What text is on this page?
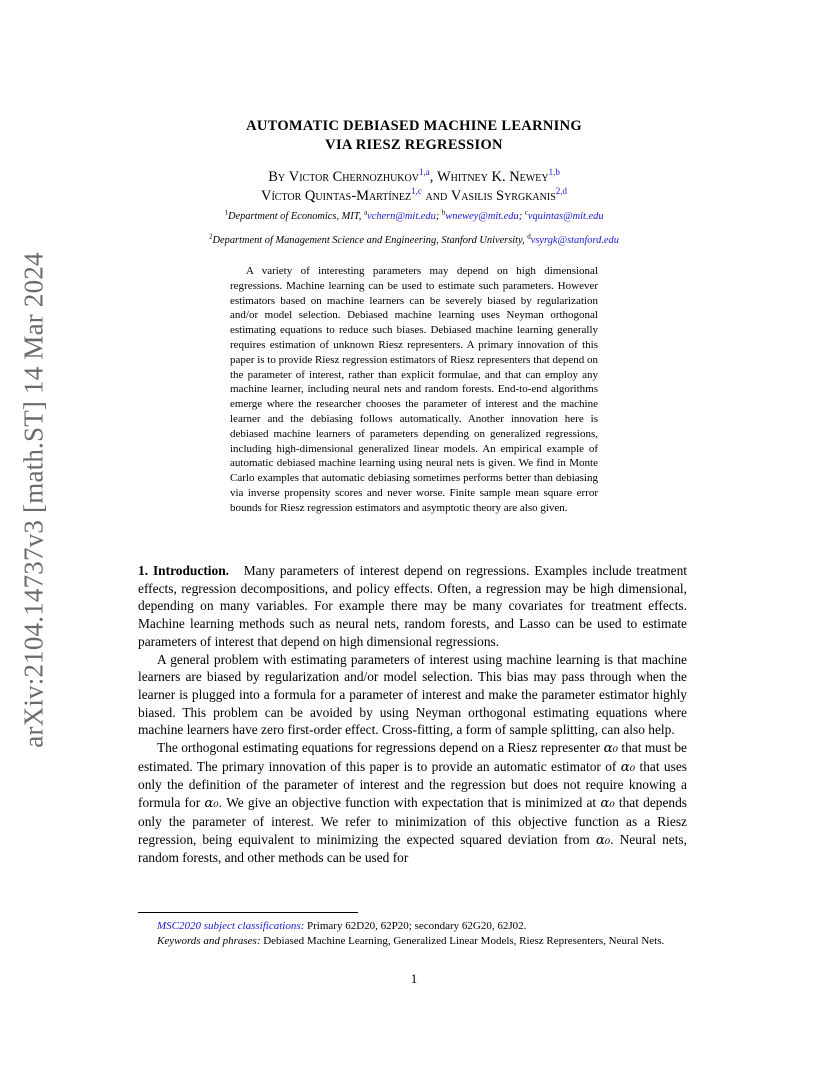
arXiv:2104.14737v3 [math.ST] 14 Mar 2024
AUTOMATIC DEBIASED MACHINE LEARNING
VIA RIESZ REGRESSION
By Victor Chernozhukov$^{1,a}$, Whitney K. Newey$^{1,b}$
Víctor Quintas-Martínez$^{1,c}$ and Vasilis Syrgkanis$^{2,d}$
$^1$Department of Economics, MIT, $^a$vchern@mit.edu; $^b$wnewey@mit.edu; $^c$vquintas@mit.edu
$^2$Department of Management Science and Engineering, Stanford University, $^d$vsyrgk@stanford.edu

A variety of interesting parameters may depend on high dimensional regressions. Machine learning can be used to estimate such parameters. However estimators based on machine learners can be severely biased by regularization and/or model selection. Debiased machine learning uses Neyman orthogonal estimating equations to reduce such biases. Debiased machine learning generally requires estimation of unknown Riesz representers. A primary innovation of this paper is to provide Riesz regression estimators of Riesz representers that depend on the parameter of interest, rather than explicit formulae, and that can employ any machine learner, including neural nets and random forests. End-to-end algorithms emerge where the researcher chooses the parameter of interest and the machine learner and the debiasing follows automatically. Another innovation here is debiased machine learners of parameters depending on generalized regressions, including high-dimensional generalized linear models. An empirical example of automatic debiased machine learning using neural nets is given. We find in Monte Carlo examples that automatic debiasing sometimes performs better than debiasing via inverse propensity scores and never worse. Finite sample mean square error bounds for Riesz regression estimators and asymptotic theory are also given.

1. Introduction. Many parameters of interest depend on regressions. Examples include treatment effects, regression decompositions, and policy effects. Often, a regression may be high dimensional, depending on many variables. For example there may be many covariates for treatment effects. Machine learning methods such as neural nets, random forests, and Lasso can be used to estimate parameters of interest that depend on high dimensional regressions.

A general problem with estimating parameters of interest using machine learning is that machine learners are biased by regularization and/or model selection. This bias may pass through when the learner is plugged into a formula for a parameter of interest and make the parameter estimator highly biased. This problem can be avoided by using Neyman orthogonal estimating equations where machine learners have zero first-order effect. Cross-fitting, a form of sample splitting, can also help.

The orthogonal estimating equations for regressions depend on a Riesz representer α₀ that must be estimated. The primary innovation of this paper is to provide an automatic estimator of α₀ that uses only the definition of the parameter of interest and the regression but does not require knowing a formula for α₀. We give an objective function with expectation that is minimized at α₀ that depends only the parameter of interest. We refer to minimization of this objective function as a Riesz regression, being equivalent to minimizing the expected squared deviation from α₀. Neural nets, random forests, and other methods can be used for

MSC2020 subject classifications: Primary 62D20, 62P20; secondary 62G20, 62J02.

Keywords and phrases: Debiased Machine Learning, Generalized Linear Models, Riesz Representers, Neural Nets.

1
